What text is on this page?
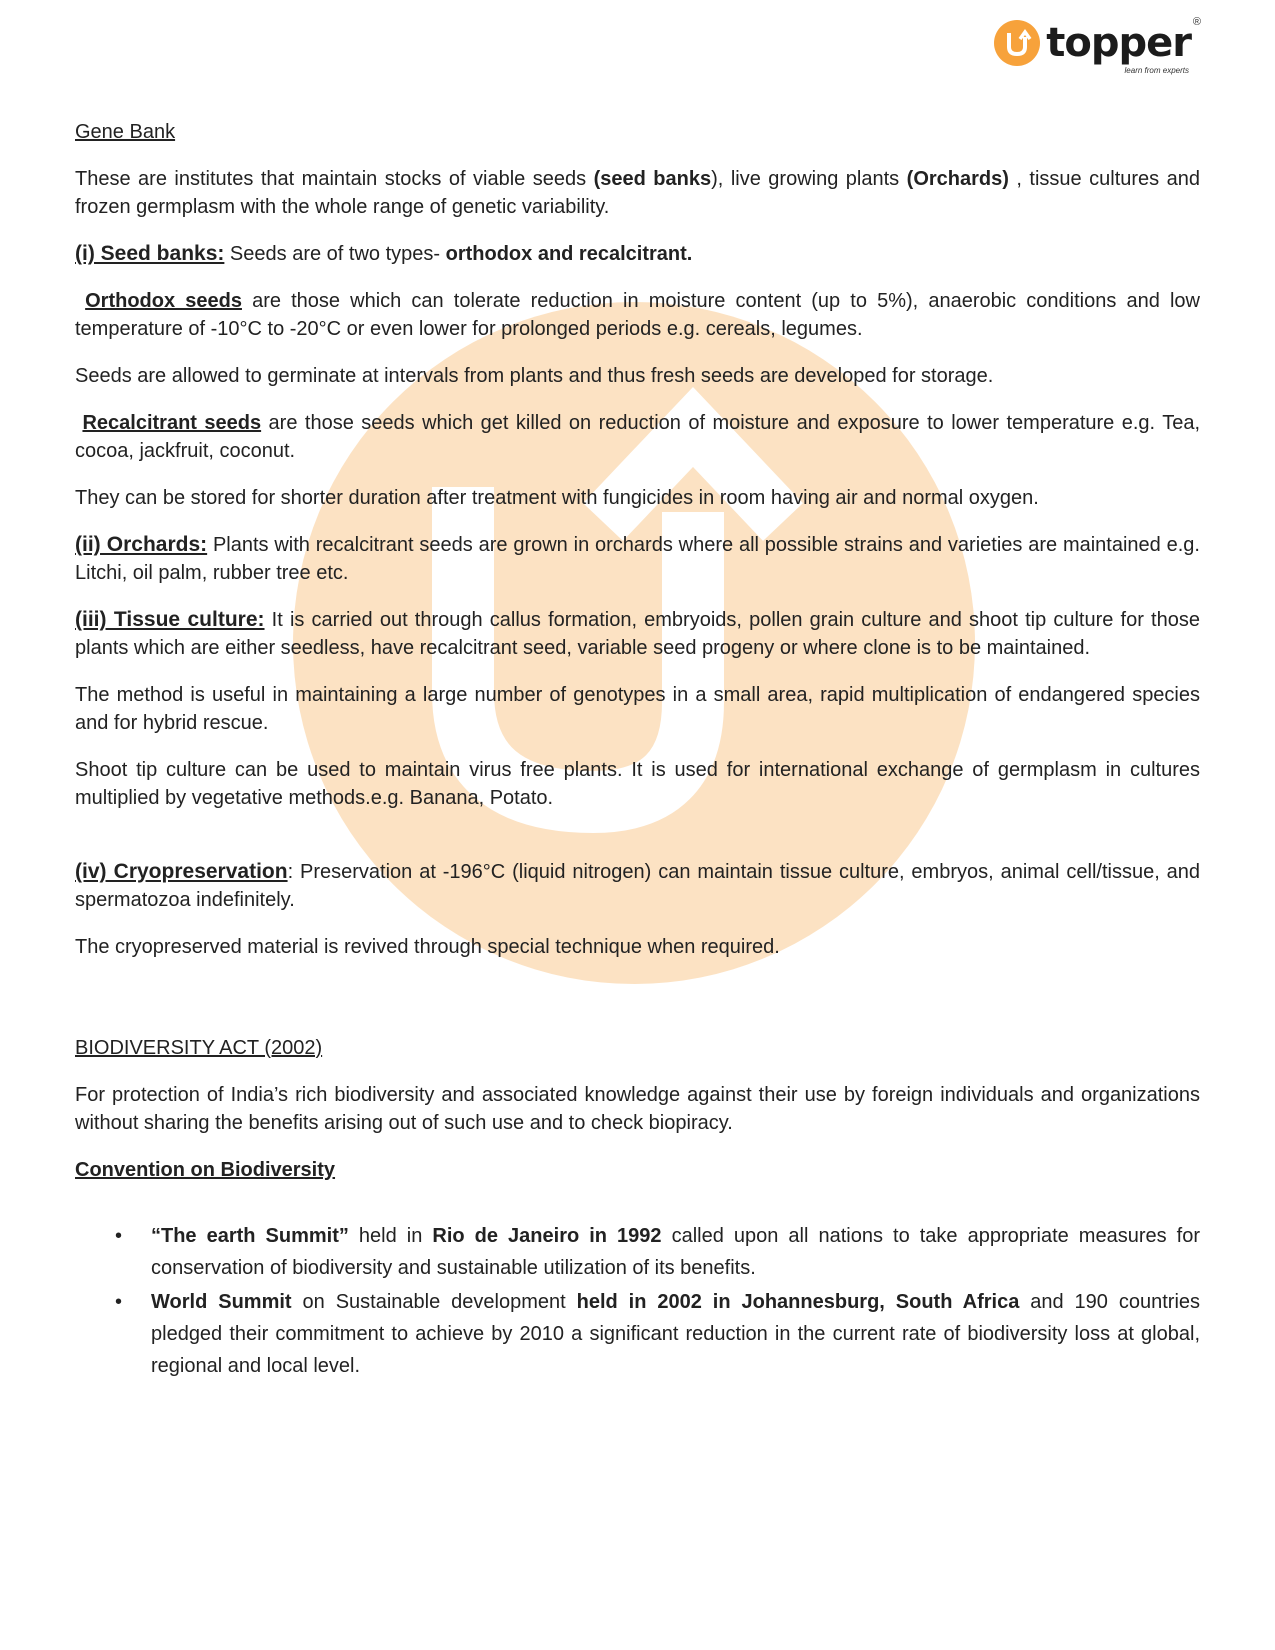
topper ®
learn from experts

Gene Bank

These are institutes that maintain stocks of viable seeds (seed banks), live growing plants (Orchards) , tissue cultures and frozen germplasm with the whole range of genetic variability.

(i) Seed banks: Seeds are of two types- orthodox and recalcitrant.

Orthodox seeds are those which can tolerate reduction in moisture content (up to 5%), anaerobic conditions and low temperature of -10°C to -20°C or even lower for prolonged periods e.g. cereals, legumes.

Seeds are allowed to germinate at intervals from plants and thus fresh seeds are developed for storage.

Recalcitrant seeds are those seeds which get killed on reduction of moisture and exposure to lower temperature e.g. Tea, cocoa, jackfruit, coconut.

They can be stored for shorter duration after treatment with fungicides in room having air and normal oxygen.

(ii) Orchards: Plants with recalcitrant seeds are grown in orchards where all possible strains and varieties are maintained e.g. Litchi, oil palm, rubber tree etc.

(iii) Tissue culture: It is carried out through callus formation, embryoids, pollen grain culture and shoot tip culture for those plants which are either seedless, have recalcitrant seed, variable seed progeny or where clone is to be maintained.

The method is useful in maintaining a large number of genotypes in a small area, rapid multiplication of endangered species and for hybrid rescue.

Shoot tip culture can be used to maintain virus free plants. It is used for international exchange of germplasm in cultures multiplied by vegetative methods.e.g. Banana, Potato.

(iv) Cryopreservation: Preservation at -196°C (liquid nitrogen) can maintain tissue culture, embryos, animal cell/tissue, and spermatozoa indefinitely.

The cryopreserved material is revived through special technique when required.

BIODIVERSITY ACT (2002)

For protection of India’s rich biodiversity and associated knowledge against their use by foreign individuals and organizations without sharing the benefits arising out of such use and to check biopiracy.

Convention on Biodiversity

• “The earth Summit” held in Rio de Janeiro in 1992 called upon all nations to take appropriate measures for conservation of biodiversity and sustainable utilization of its benefits.
• World Summit on Sustainable development held in 2002 in Johannesburg, South Africa and 190 countries pledged their commitment to achieve by 2010 a significant reduction in the current rate of biodiversity loss at global, regional and local level.
